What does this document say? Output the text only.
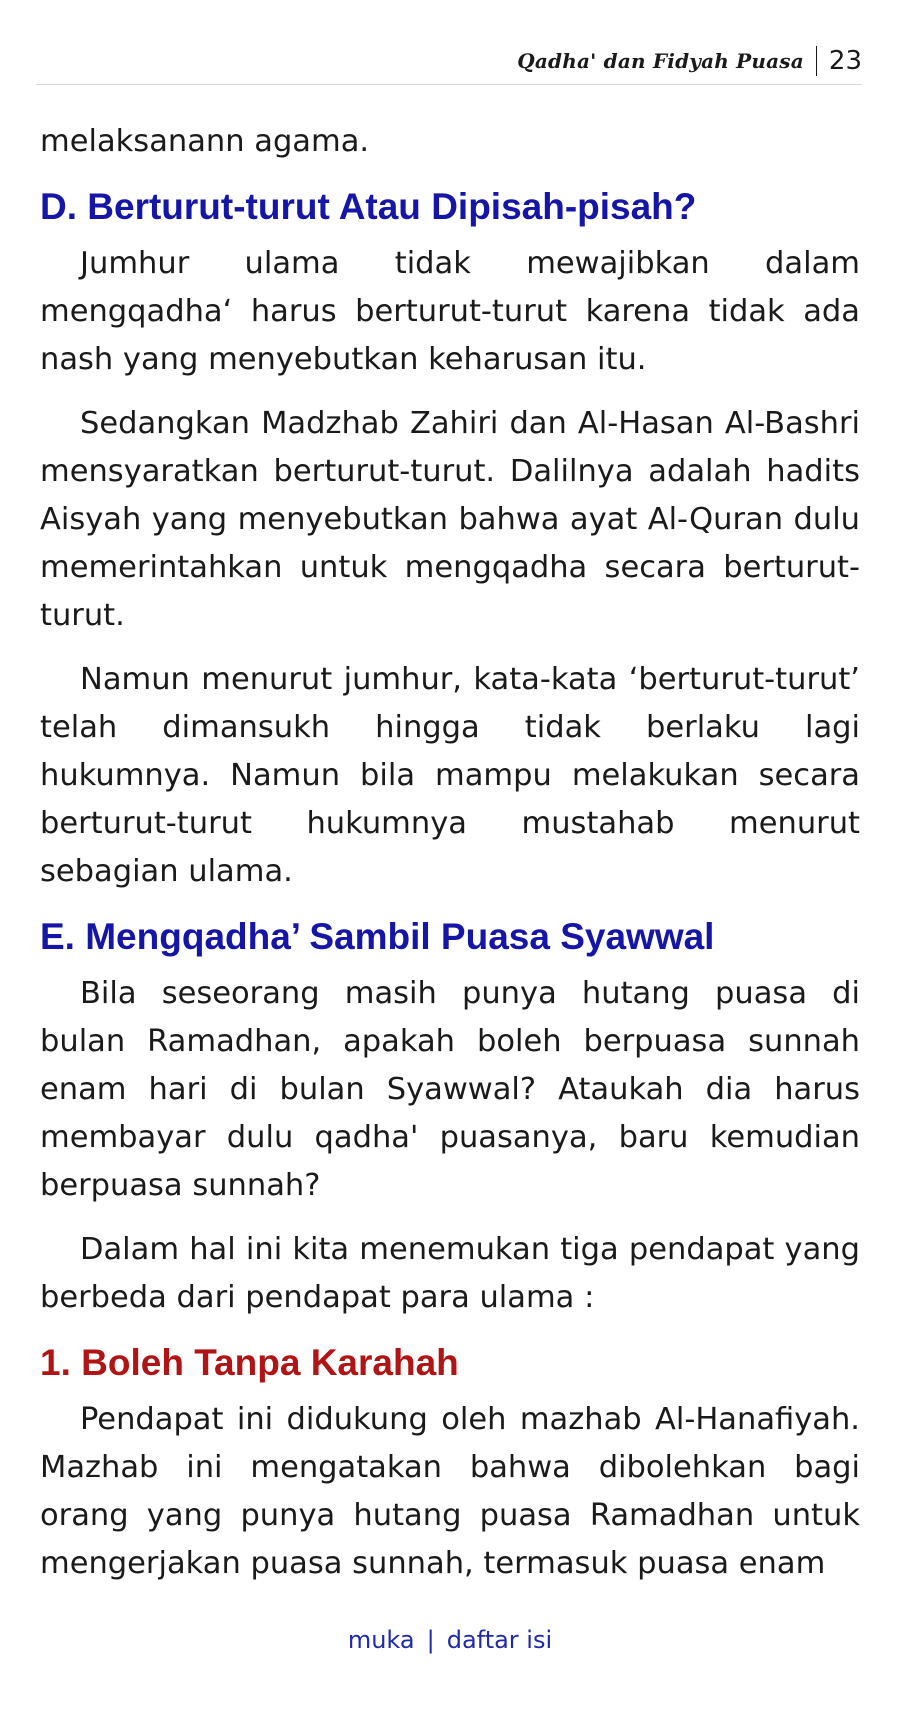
Qadha' dan Fidyah Puasa 23

melaksanann agama.

D. Berturut-turut Atau Dipisah-pisah?

Jumhur ulama tidak mewajibkan dalam mengqadha‘ harus berturut-turut karena tidak ada nash yang menyebutkan keharusan itu.

Sedangkan Madzhab Zahiri dan Al-Hasan Al-Bashri mensyaratkan berturut-turut. Dalilnya adalah hadits Aisyah yang menyebutkan bahwa ayat Al-Quran dulu memerintahkan untuk mengqadha secara berturut-turut.

Namun menurut jumhur, kata-kata ‘berturut-turut’ telah dimansukh hingga tidak berlaku lagi hukumnya. Namun bila mampu melakukan secara berturut-turut hukumnya mustahab menurut sebagian ulama.

E. Mengqadha’ Sambil Puasa Syawwal

Bila seseorang masih punya hutang puasa di bulan Ramadhan, apakah boleh berpuasa sunnah enam hari di bulan Syawwal? Ataukah dia harus membayar dulu qadha' puasanya, baru kemudian berpuasa sunnah?

Dalam hal ini kita menemukan tiga pendapat yang berbeda dari pendapat para ulama :

1. Boleh Tanpa Karahah

Pendapat ini didukung oleh mazhab Al-Hanafiyah. Mazhab ini mengatakan bahwa dibolehkan bagi orang yang punya hutang puasa Ramadhan untuk mengerjakan puasa sunnah, termasuk puasa enam

muka | daftar isi
